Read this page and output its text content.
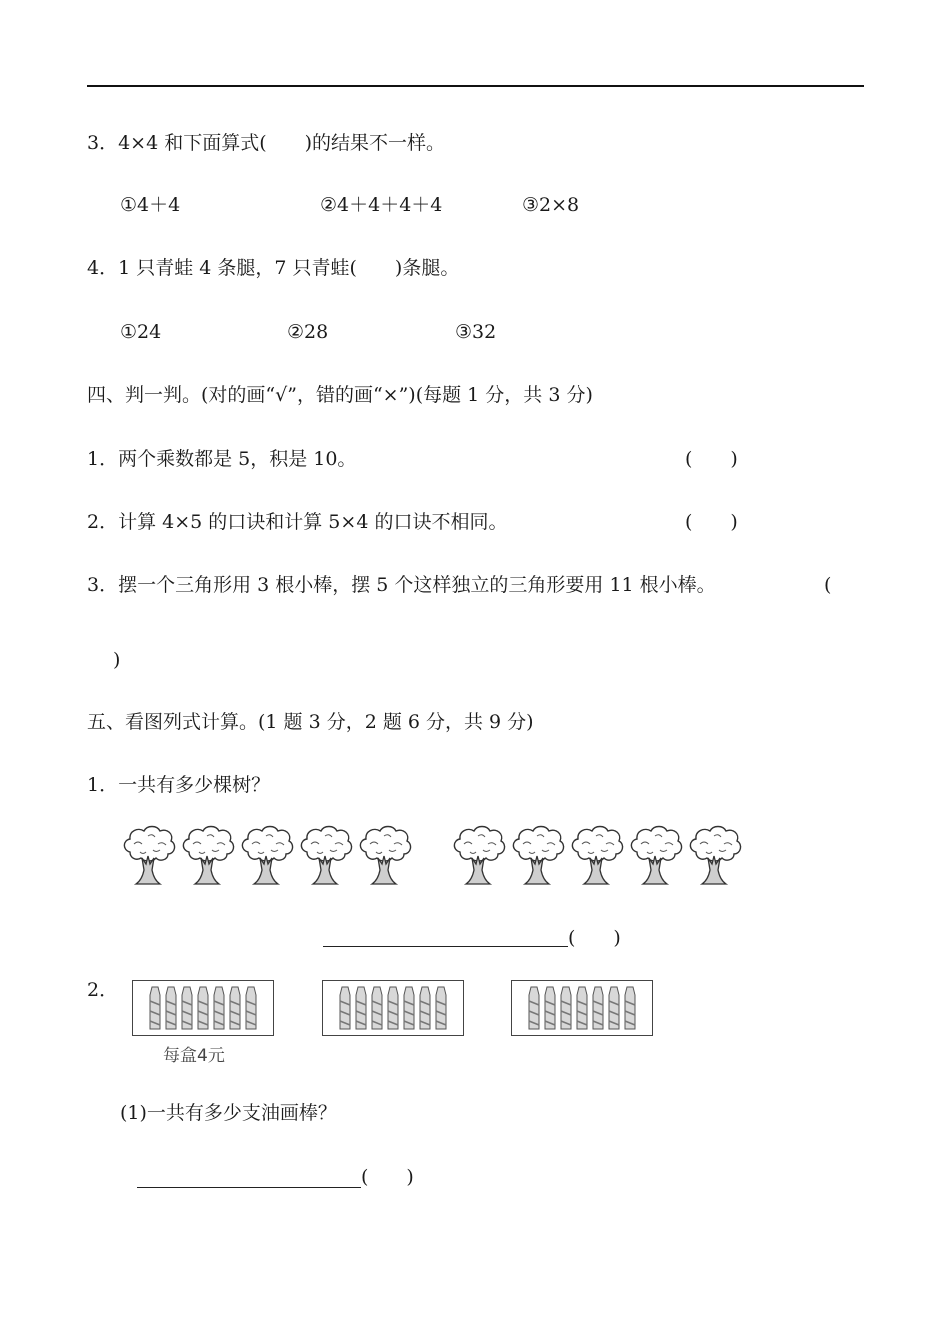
3．4×4 和下面算式(　　)的结果不一样。
①4＋4	②4＋4＋4＋4	③2×8
4．1 只青蛙 4 条腿，7 只青蛙(　　)条腿。
①24	②28	③32
四、判一判。(对的画“√”，错的画“×”)(每题 1 分，共 3 分)
1．两个乘数都是 5，积是 10。	(　　)
2．计算 4×5 的口诀和计算 5×4 的口诀不相同。	(　　)
3．摆一个三角形用 3 根小棒，摆 5 个这样独立的三角形要用 11 根小棒。	(
)
五、看图列式计算。(1 题 3 分，2 题 6 分，共 9 分)
1．一共有多少棵树？
(　　)
2．
每盒4元
(1)一共有多少支油画棒？
(　　)
